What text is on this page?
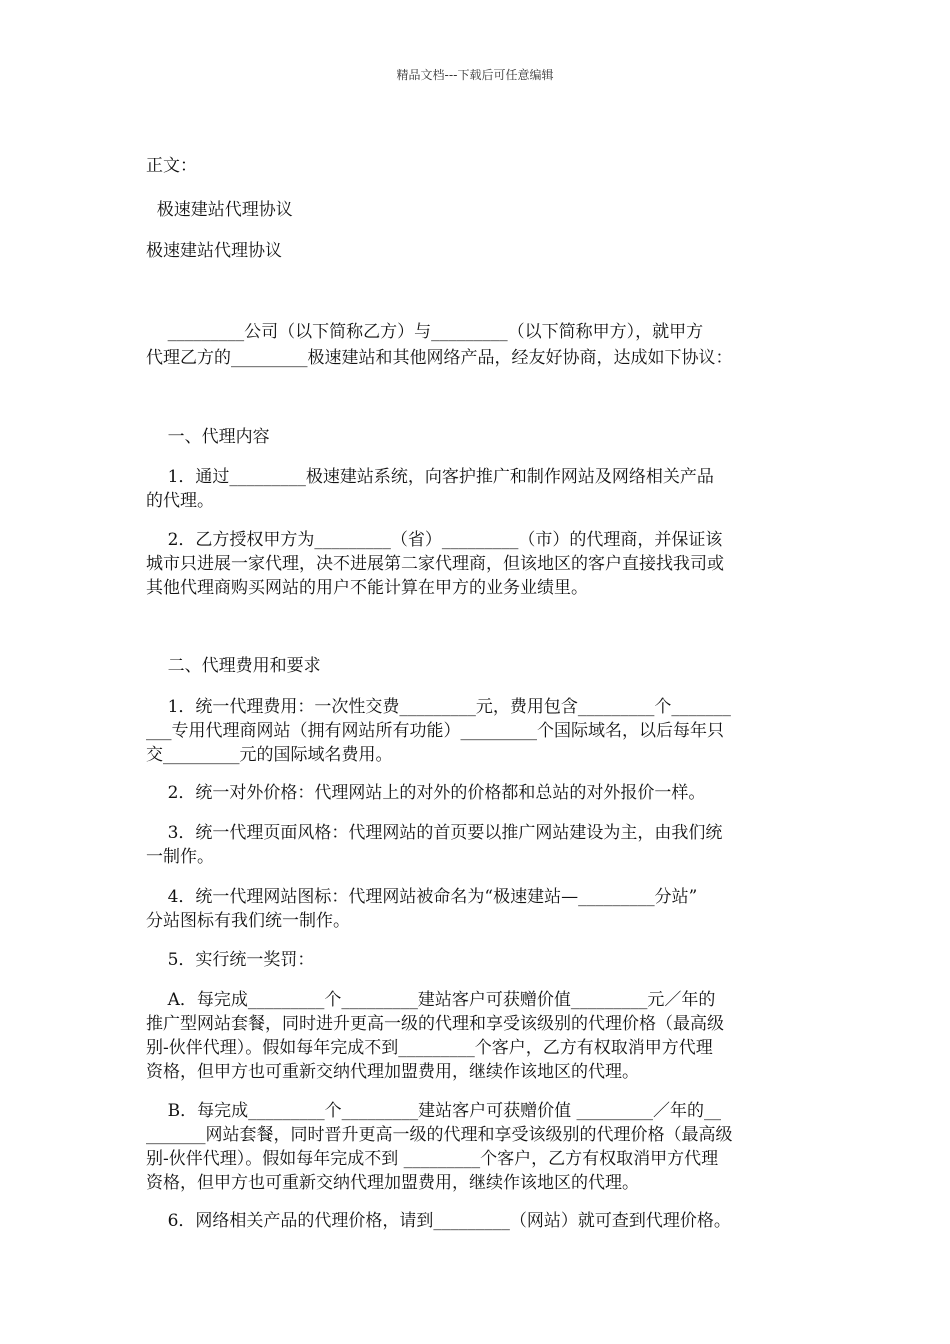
精品文档---下载后可任意编辑
正文：
极速建站代理协议
极速建站代理协议
_________公司（以下简称乙方）与_________（以下简称甲方），就甲方
代理乙方的_________极速建站和其他网络产品，经友好协商，达成如下协议：
一、代理内容
1．通过_________极速建站系统，向客护推广和制作网站及网络相关产品
的代理。
2．乙方授权甲方为_________（省）_________（市）的代理商，并保证该
城市只进展一家代理，决不进展第二家代理商，但该地区的客户直接找我司或
其他代理商购买网站的用户不能计算在甲方的业务业绩里。
二、代理费用和要求
1．统一代理费用：一次性交费_________元，费用包含_________个_______
___专用代理商网站（拥有网站所有功能）_________个国际域名，以后每年只
交_________元的国际域名费用。
2．统一对外价格：代理网站上的对外的价格都和总站的对外报价一样。
3．统一代理页面风格：代理网站的首页要以推广网站建设为主，由我们统
一制作。
4．统一代理网站图标：代理网站被命名为“极速建站—_________分站”
分站图标有我们统一制作。
5．实行统一奖罚：
A．每完成_________个_________建站客户可获赠价值_________元／年的
推广型网站套餐，同时进升更高一级的代理和享受该级别的代理价格（最高级
别-伙伴代理）。假如每年完成不到_________个客户，乙方有权取消甲方代理
资格，但甲方也可重新交纳代理加盟费用，继续作该地区的代理。
B．每完成_________个_________建站客户可获赠价值 _________／年的__
_______网站套餐，同时晋升更高一级的代理和享受该级别的代理价格（最高级
别-伙伴代理）。假如每年完成不到 _________个客户，乙方有权取消甲方代理
资格，但甲方也可重新交纳代理加盟费用，继续作该地区的代理。
6．网络相关产品的代理价格，请到_________（网站）就可查到代理价格。
